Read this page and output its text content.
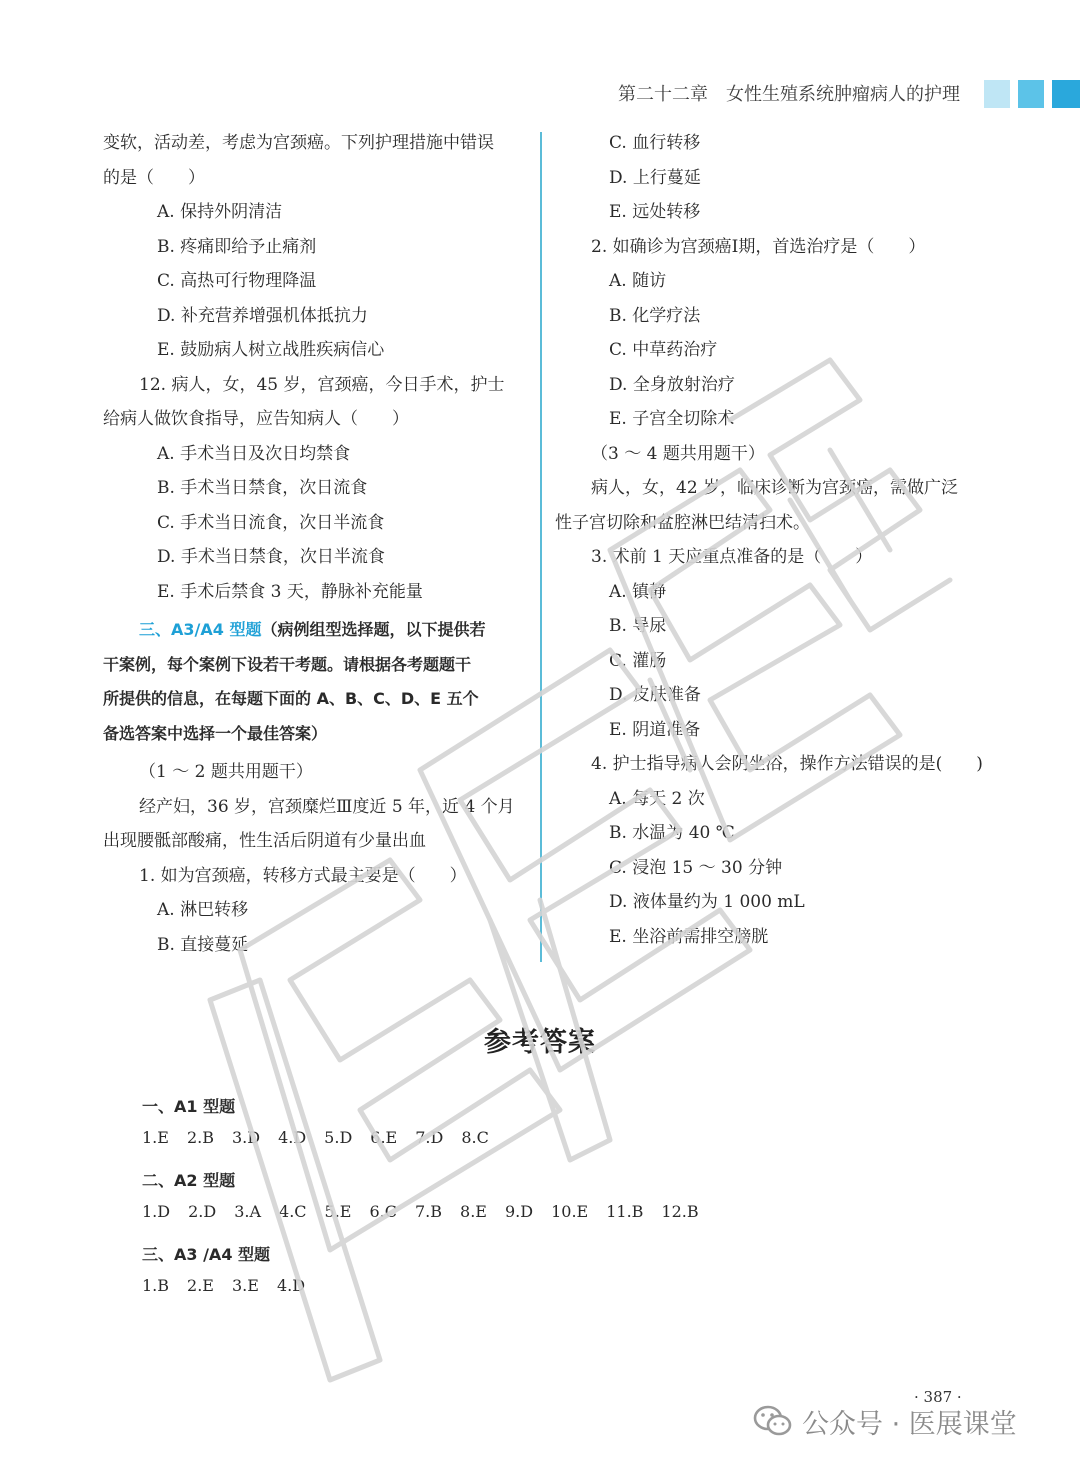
第二十二章　女性生殖系统肿瘤病人的护理
变软，活动差，考虑为宫颈癌。下列护理措施中错误
的是（　　）
A. 保持外阴清洁
B. 疼痛即给予止痛剂
C. 高热可行物理降温
D. 补充营养增强机体抵抗力
E. 鼓励病人树立战胜疾病信心
12. 病人，女，45 岁，宫颈癌，今日手术，护士
给病人做饮食指导，应告知病人（　　）
A. 手术当日及次日均禁食
B. 手术当日禁食，次日流食
C. 手术当日流食，次日半流食
D. 手术当日禁食，次日半流食
E. 手术后禁食 3 天，静脉补充能量
三、A3/A4 型题（病例组型选择题，以下提供若
干案例，每个案例下设若干考题。请根据各考题题干
所提供的信息，在每题下面的 A、B、C、D、E 五个
备选答案中选择一个最佳答案）
（1 ～ 2 题共用题干）
经产妇，36 岁，宫颈糜烂Ⅲ度近 5 年，近 4 个月
出现腰骶部酸痛，性生活后阴道有少量出血
1. 如为宫颈癌，转移方式最主要是（　　）
A. 淋巴转移
B. 直接蔓延
C. 血行转移
D. 上行蔓延
E. 远处转移
2. 如确诊为宫颈癌Ⅰ期，首选治疗是（　　）
A. 随访
B. 化学疗法
C. 中草药治疗
D. 全身放射治疗
E. 子宫全切除术
（3 ～ 4 题共用题干）
病人，女，42 岁，临床诊断为宫颈癌，需做广泛
性子宫切除和盆腔淋巴结清扫术。
3. 术前 1 天应重点准备的是（　　）
A. 镇静
B. 导尿
C. 灌肠
D. 皮肤准备
E. 阴道准备
4. 护士指导病人会阴坐浴，操作方法错误的是(　　)
A. 每天 2 次
B. 水温为 40 ℃
C. 浸泡 15 ～ 30 分钟
D. 液体量约为 1 000 mL
E. 坐浴前需排空膀胱
参考答案
一、A1 型题
1.E 2.B 3.D 4.D 5.D 6.E 7.D 8.C
二、A2 型题
1.D 2.D 3.A 4.C 5.E 6.C 7.B 8.E 9.D 10.E 11.B 12.B
三、A3 /A4 型题
1.B 2.E 3.E 4.D
· 387 ·
公众号 · 医展课堂
